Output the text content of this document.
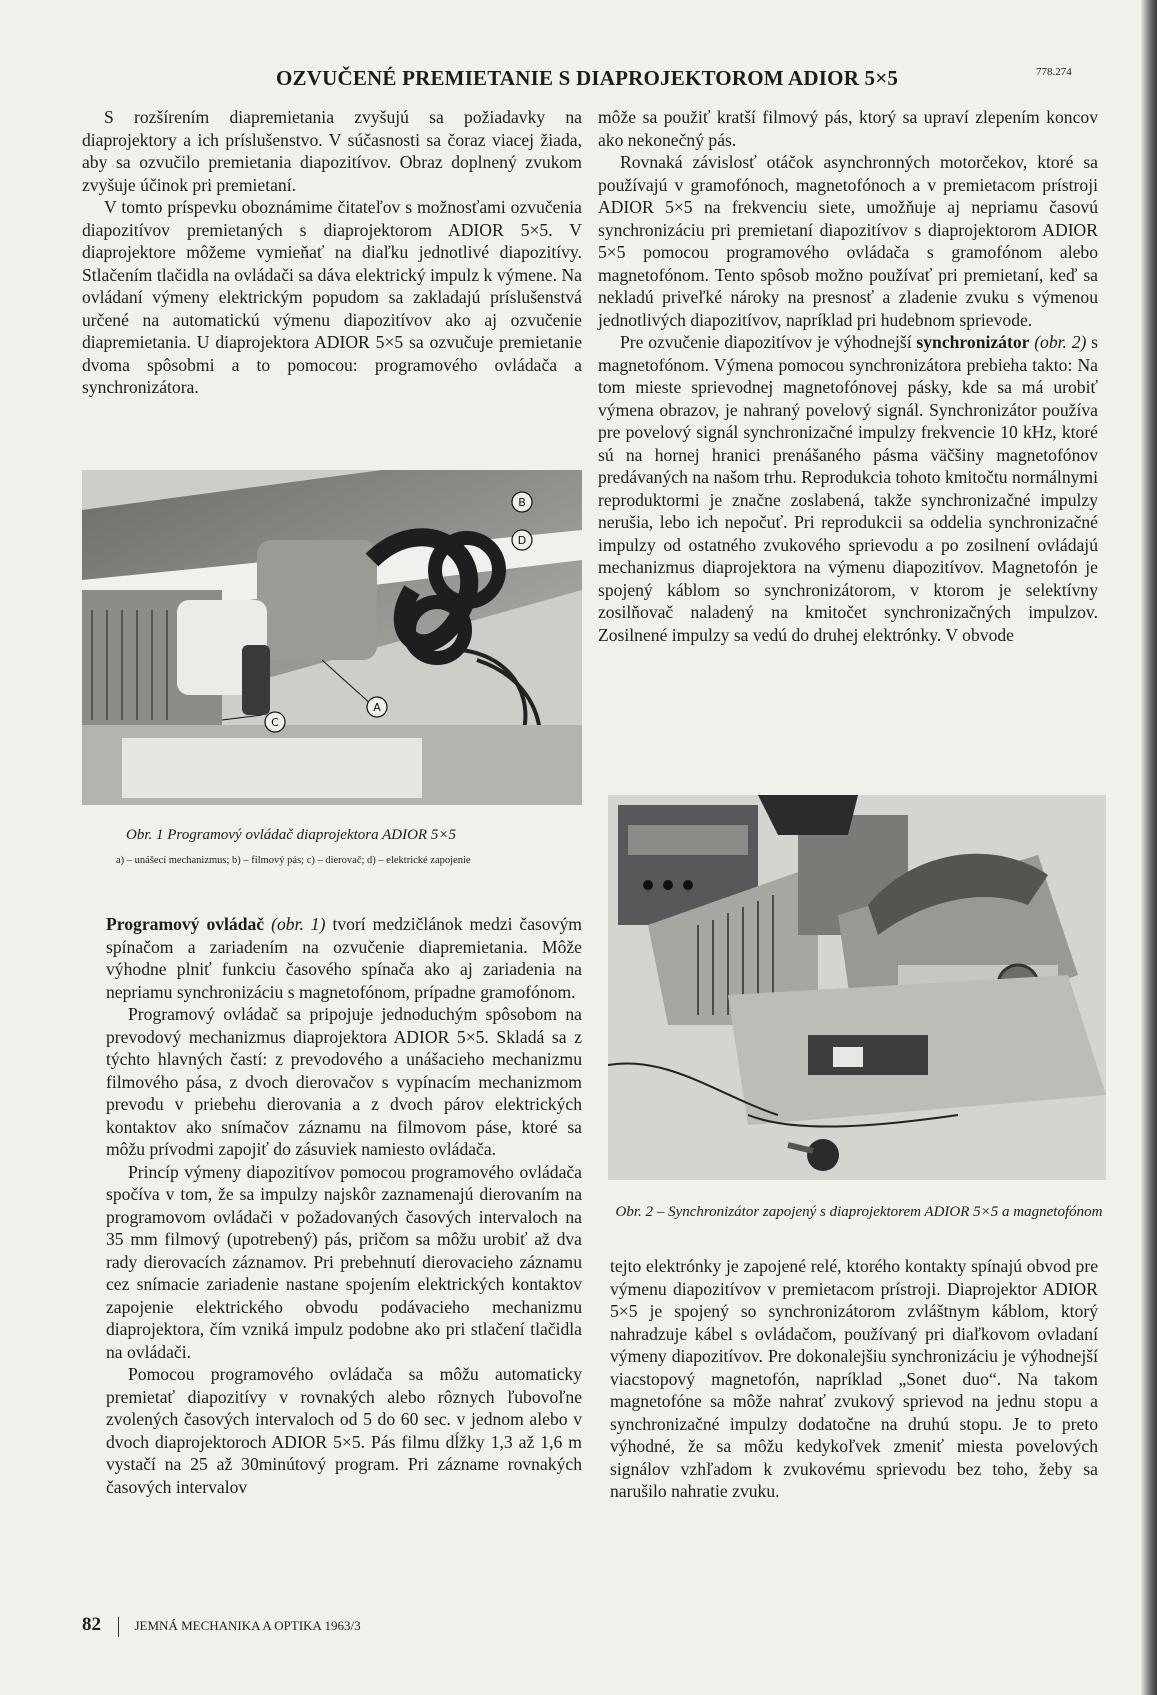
OZVUČENÉ PREMIETANIE S DIAPROJEKTOROM ADIOR 5×5	778.274

S rozšírením diapremietania zvyšujú sa požiadavky na diaprojektory a ich príslušenstvo. V súčasnosti sa čoraz viacej žiada, aby sa ozvučilo premietania diapozitívov. Obraz doplnený zvukom zvyšuje účinok pri premietaní.

V tomto príspevku oboznámime čitateľov s možnosťami ozvučenia diapozitívov premietaných s diaprojektorom ADIOR 5×5. V diaprojektore môžeme vymieňať na diaľku jednotlivé diapozitívy. Stlačením tlačidla na ovládači sa dáva elektrický impulz k výmene. Na ovládaní výmeny elektrickým popudom sa zakladajú príslušenstvá určené na automatickú výmenu diapozitívov ako aj ozvučenie diapremietania. U diaprojektora ADIOR 5×5 sa ozvučuje premietanie dvoma spôsobmi a to pomocou: programového ovládača a synchronizátora.

B
D
A
C
Obr. 1 Programový ovládač diaprojektora ADIOR 5×5
a) – unášecí mechanizmus; b) – filmový pás; c) – dierovač; d) – elektrické zapojenie

Programový ovládač (obr. 1) tvorí medzičlánok medzi časovým spínačom a zariadením na ozvučenie diapremietania. Môže výhodne plniť funkciu časového spínača ako aj zariadenia na nepriamu synchronizáciu s magnetofónom, prípadne gramofónom.

Programový ovládač sa pripojuje jednoduchým spôsobom na prevodový mechanizmus diaprojektora ADIOR 5×5. Skladá sa z týchto hlavných častí: z prevodového a unášacieho mechanizmu filmového pása, z dvoch dierovačov s vypínacím mechanizmom prevodu v priebehu dierovania a z dvoch párov elektrických kontaktov ako snímačov záznamu na filmovom páse, ktoré sa môžu prívodmi zapojiť do zásuviek namiesto ovládača.

Princíp výmeny diapozitívov pomocou programového ovládača spočíva v tom, že sa impulzy najskôr zaznamenajú dierovaním na programovom ovládači v požadovaných časových intervaloch na 35 mm filmový (upotrebený) pás, pričom sa môžu urobiť až dva rady dierovacích záznamov. Pri prebehnutí dierovacieho záznamu cez snímacie zariadenie nastane spojením elektrických kontaktov zapojenie elektrického obvodu podávacieho mechanizmu diaprojektora, čím vzniká impulz podobne ako pri stlačení tlačidla na ovládači.

Pomocou programového ovládača sa môžu automaticky premietať diapozitívy v rovnakých alebo rôznych ľubovoľne zvolených časových intervaloch od 5 do 60 sec. v jednom alebo v dvoch diaprojektoroch ADIOR 5×5. Pás filmu dĺžky 1,3 až 1,6 m vystačí na 25 až 30minútový program. Pri zázname rovnakých časových intervalov

môže sa použiť kratší filmový pás, ktorý sa upraví zlepením koncov ako nekonečný pás.

Rovnaká závislosť otáčok asynchronných motorčekov, ktoré sa používajú v gramofónoch, magnetofónoch a v premietacom prístroji ADIOR 5×5 na frekvenciu siete, umožňuje aj nepriamu časovú synchronizáciu pri premietaní diapozitívov s diaprojektorom ADIOR 5×5 pomocou programového ovládača s gramofónom alebo magnetofónom. Tento spôsob možno používať pri premietaní, keď sa nekladú priveľké nároky na presnosť a zladenie zvuku s výmenou jednotlivých diapozitívov, napríklad pri hudebnom sprievode.

Pre ozvučenie diapozitívov je výhodnejší synchronizátor (obr. 2) s magnetofónom. Výmena pomocou synchronizátora prebieha takto: Na tom mieste sprievodnej magnetofónovej pásky, kde sa má urobiť výmena obrazov, je nahraný povelový signál. Synchronizátor používa pre povelový signál synchronizačné impulzy frekvencie 10 kHz, ktoré sú na hornej hranici prenášaného pásma väčšiny magnetofónov predávaných na našom trhu. Reprodukcia tohoto kmitočtu normálnymi reproduktormi je značne zoslabená, takže synchronizačné impulzy nerušia, lebo ich nepočuť. Pri reprodukcii sa oddelia synchronizačné impulzy od ostatného zvukového sprievodu a po zosilnení ovládajú mechanizmus diaprojektora na výmenu diapozitívov. Magnetofón je spojený káblom so synchronizátorom, v ktorom je selektívny zosilňovač naladený na kmitočet synchronizačných impulzov. Zosilnené impulzy sa vedú do druhej elektrónky. V obvode

Obr. 2 – Synchronizátor zapojený s diaprojektorem ADIOR 5×5 a magnetofónom

tejto elektrónky je zapojené relé, ktorého kontakty spínajú obvod pre výmenu diapozitívov v premietacom prístroji. Diaprojektor ADIOR 5×5 je spojený so synchronizátorom zvláštnym káblom, ktorý nahradzuje kábel s ovládačom, používaný pri diaľkovom ovladaní výmeny diapozitívov. Pre dokonalejšiu synchronizáciu je výhodnejší viacstopový magnetofón, napríklad „Sonet duo“. Na takom magnetofóne sa môže nahrať zvukový sprievod na jednu stopu a synchronizačné impulzy dodatočne na druhú stopu. Je to preto výhodné, že sa môžu kedykoľvek zmeniť miesta povelových signálov vzhľadom k zvukovému sprievodu bez toho, žeby sa narušilo nahratie zvuku.

82	JEMNÁ MECHANIKA A OPTIKA 1963/3
